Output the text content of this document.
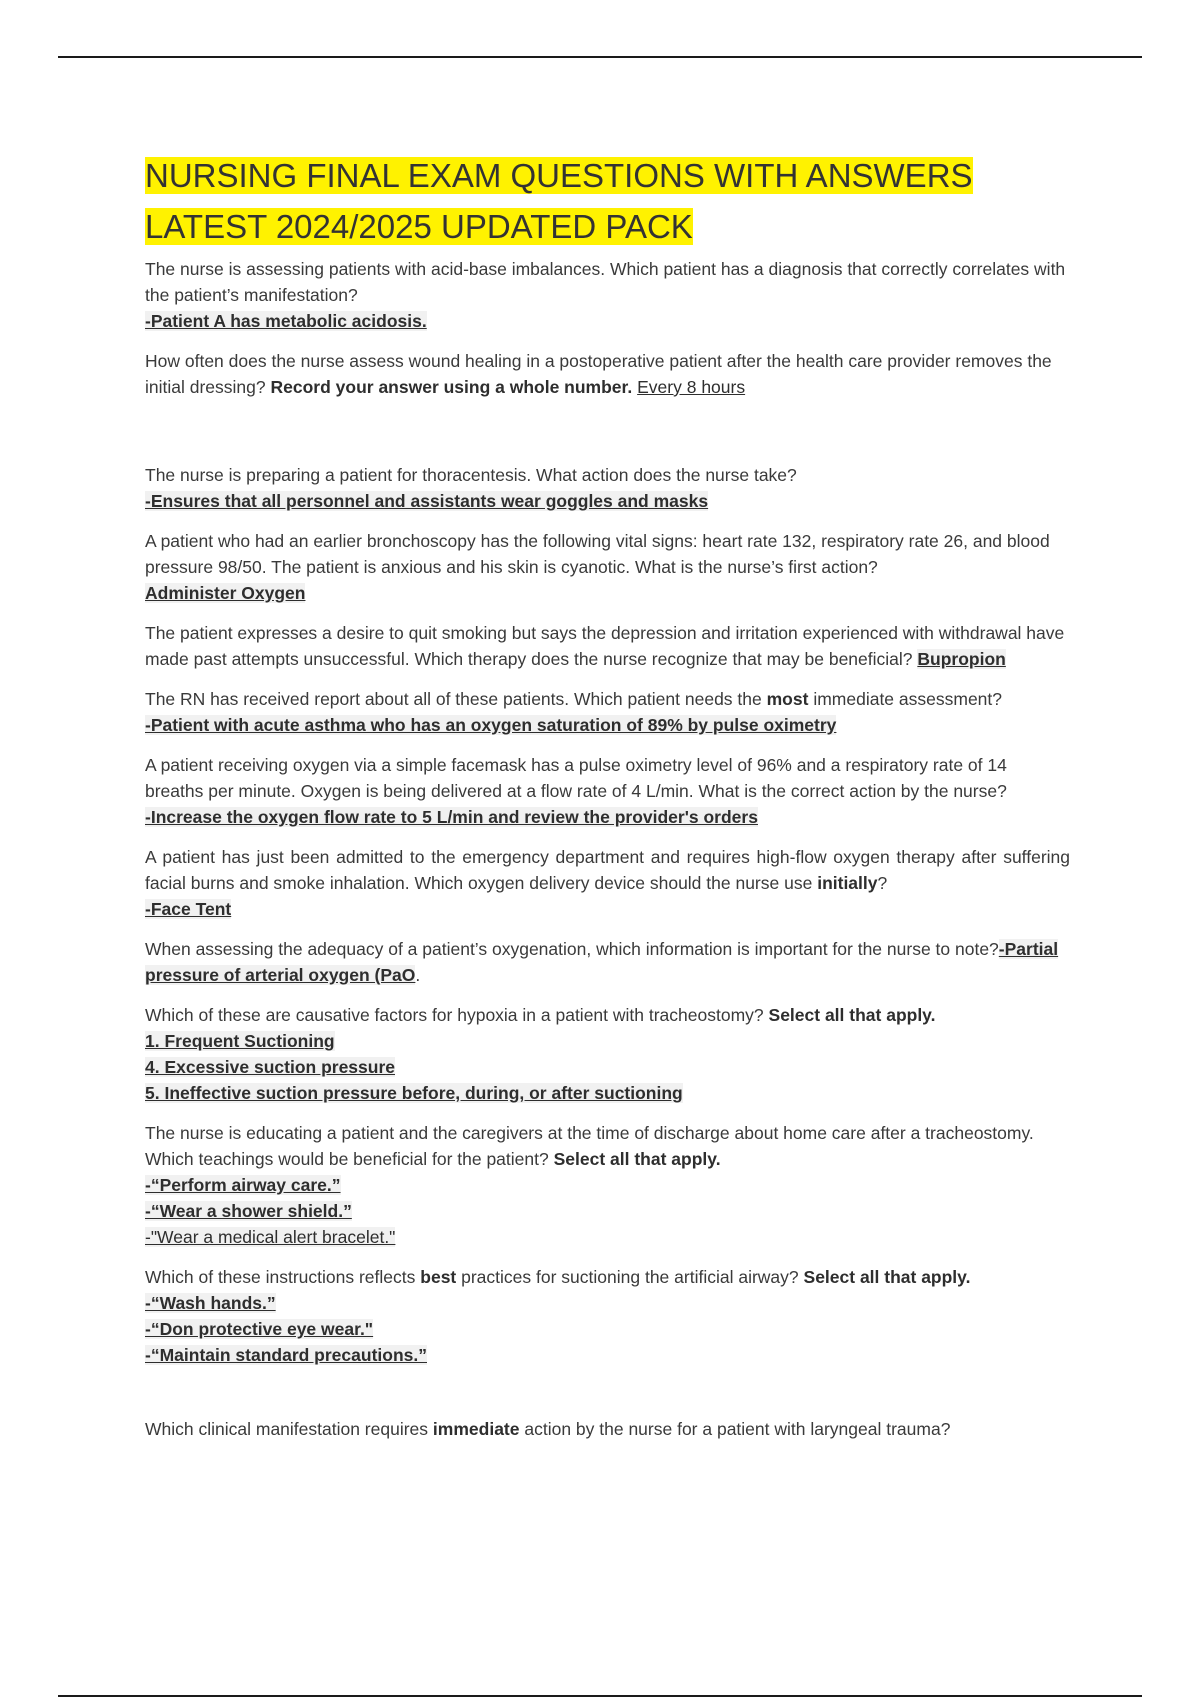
NURSING FINAL EXAM QUESTIONS WITH ANSWERS
LATEST 2024/2025 UPDATED PACK

The nurse is assessing patients with acid-base imbalances. Which patient has a diagnosis that correctly correlates with the patient’s manifestation?
-Patient A has metabolic acidosis.

How often does the nurse assess wound healing in a postoperative patient after the health care provider removes the initial dressing? Record your answer using a whole number. Every 8 hours

The nurse is preparing a patient for thoracentesis. What action does the nurse take?
-Ensures that all personnel and assistants wear goggles and masks

A patient who had an earlier bronchoscopy has the following vital signs: heart rate 132, respiratory rate 26, and blood pressure 98/50. The patient is anxious and his skin is cyanotic. What is the nurse’s first action?
Administer Oxygen

The patient expresses a desire to quit smoking but says the depression and irritation experienced with withdrawal have made past attempts unsuccessful. Which therapy does the nurse recognize that may be beneficial? Bupropion

The RN has received report about all of these patients. Which patient needs the most immediate assessment?
-Patient with acute asthma who has an oxygen saturation of 89% by pulse oximetry

A patient receiving oxygen via a simple facemask has a pulse oximetry level of 96% and a respiratory rate of 14 breaths per minute. Oxygen is being delivered at a flow rate of 4 L/min. What is the correct action by the nurse?
-Increase the oxygen flow rate to 5 L/min and review the provider's orders

A patient has just been admitted to the emergency department and requires high-flow oxygen therapy after suffering facial burns and smoke inhalation. Which oxygen delivery device should the nurse use initially?
-Face Tent

When assessing the adequacy of a patient’s oxygenation, which information is important for the nurse to note?-Partial pressure of arterial oxygen (PaO.

Which of these are causative factors for hypoxia in a patient with tracheostomy? Select all that apply.
1. Frequent Suctioning
4. Excessive suction pressure
5. Ineffective suction pressure before, during, or after suctioning

The nurse is educating a patient and the caregivers at the time of discharge about home care after a tracheostomy. Which teachings would be beneficial for the patient? Select all that apply.
-“Perform airway care.”
-“Wear a shower shield.”
-"Wear a medical alert bracelet."

Which of these instructions reflects best practices for suctioning the artificial airway? Select all that apply.
-“Wash hands.”
-“Don protective eye wear."
-“Maintain standard precautions.”

Which clinical manifestation requires immediate action by the nurse for a patient with laryngeal trauma?
